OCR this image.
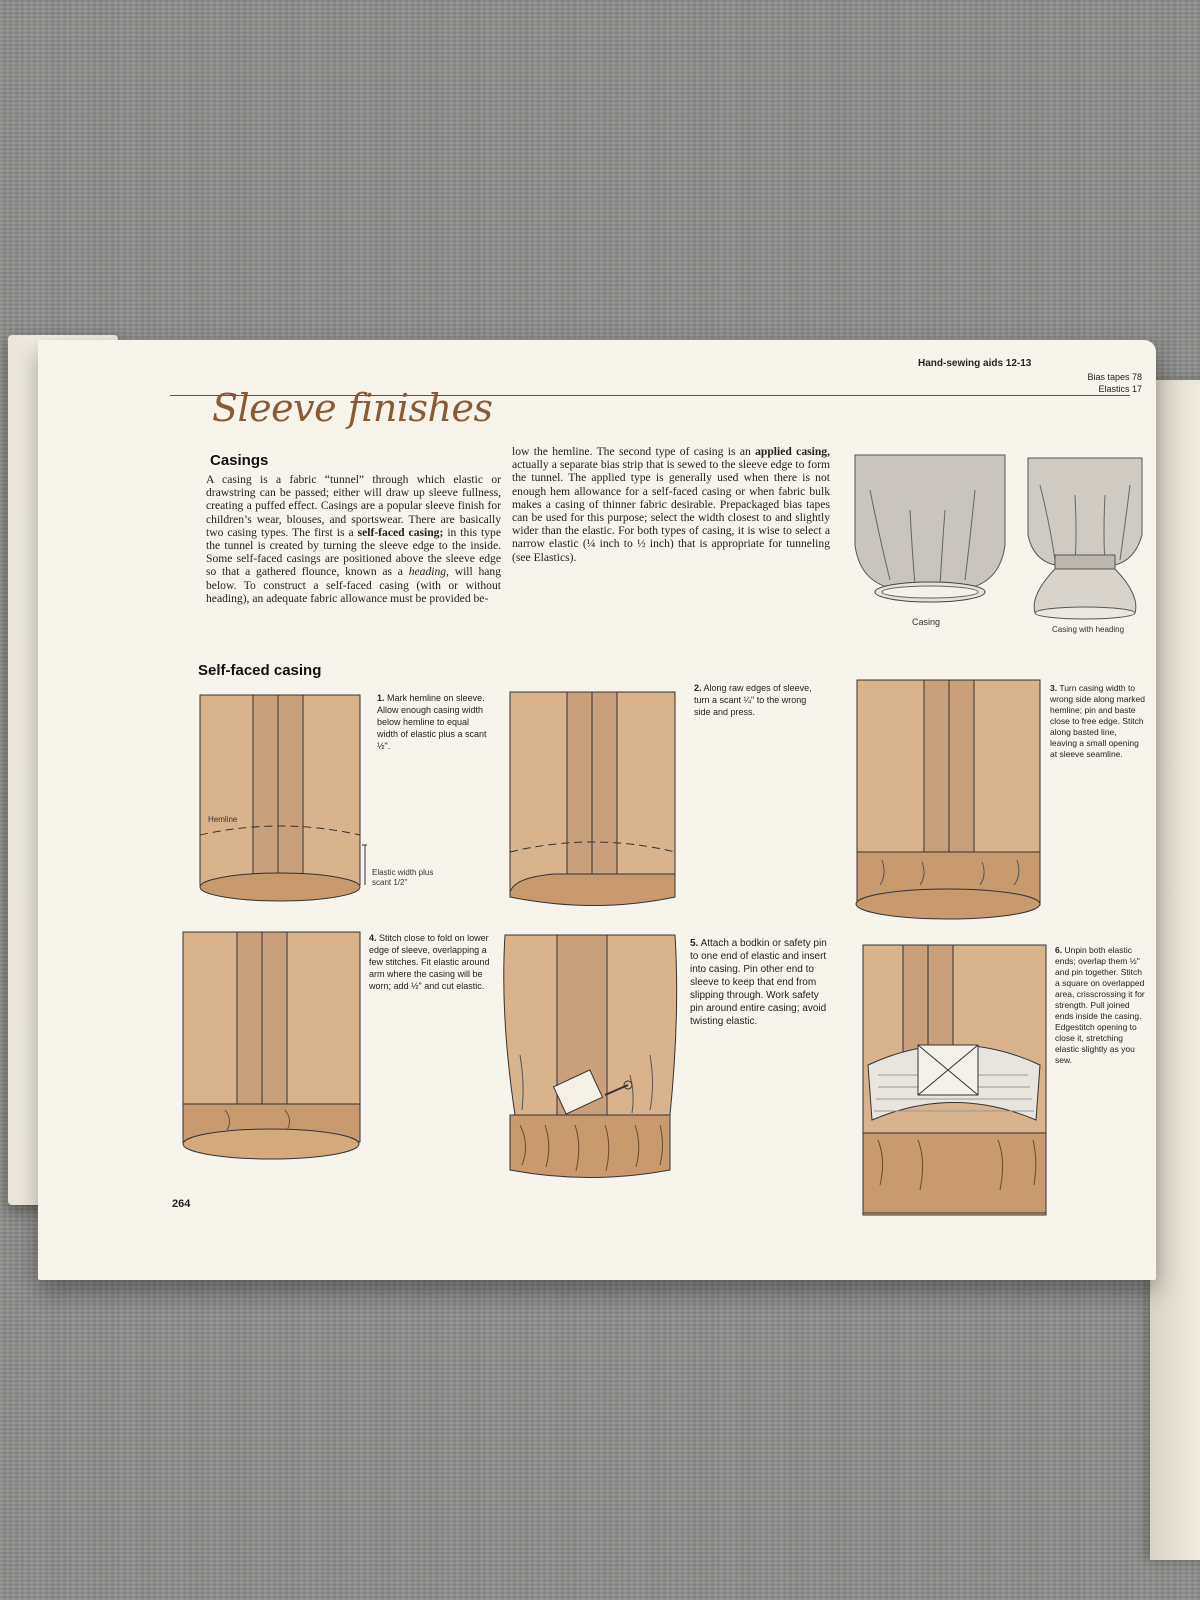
Hand-sewing aids 12-13
Bias tapes 78
Elastics 17
Sleeve finishes
Casings
A casing is a fabric “tunnel” through which elastic or drawstring can be passed; either will draw up sleeve fullness, creating a puffed effect. Casings are a popular sleeve finish for children’s wear, blouses, and sportswear. There are basically two casing types. The first is a self-faced casing; in this type the tunnel is created by turning the sleeve edge to the inside. Some self-faced casings are positioned above the sleeve edge so that a gathered flounce, known as a heading, will hang below. To construct a self-faced casing (with or without heading), an adequate fabric allowance must be provided be-
low the hemline. The second type of casing is an applied casing, actually a separate bias strip that is sewed to the sleeve edge to form the tunnel. The applied type is generally used when there is not enough hem allowance for a self-faced casing or when fabric bulk makes a casing of thinner fabric desirable. Prepackaged bias tapes can be used for this purpose; select the width closest to and slightly wider than the elastic. For both types of casing, it is wise to select a narrow elastic (¼ inch to ½ inch) that is appropriate for tunneling (see Elastics).
Casing
Casing with heading
Self-faced casing
Hemline
Elastic width plus scant 1/2"
1. Mark hemline on sleeve. Allow enough casing width below hemline to equal width of elastic plus a scant ½".
2. Along raw edges of sleeve, turn a scant ¼" to the wrong side and press.
3. Turn casing width to wrong side along marked hemline; pin and baste close to free edge. Stitch along basted line, leaving a small opening at sleeve seamline.
4. Stitch close to fold on lower edge of sleeve, overlapping a few stitches. Fit elastic around arm where the casing will be worn; add ½" and cut elastic.
5. Attach a bodkin or safety pin to one end of elastic and insert into casing. Pin other end to sleeve to keep that end from slipping through. Work safety pin around entire casing; avoid twisting elastic.
6. Unpin both elastic ends; overlap them ½" and pin together. Stitch a square on overlapped area, crisscrossing it for strength. Pull joined ends inside the casing. Edgestitch opening to close it, stretching elastic slightly as you sew.
264
